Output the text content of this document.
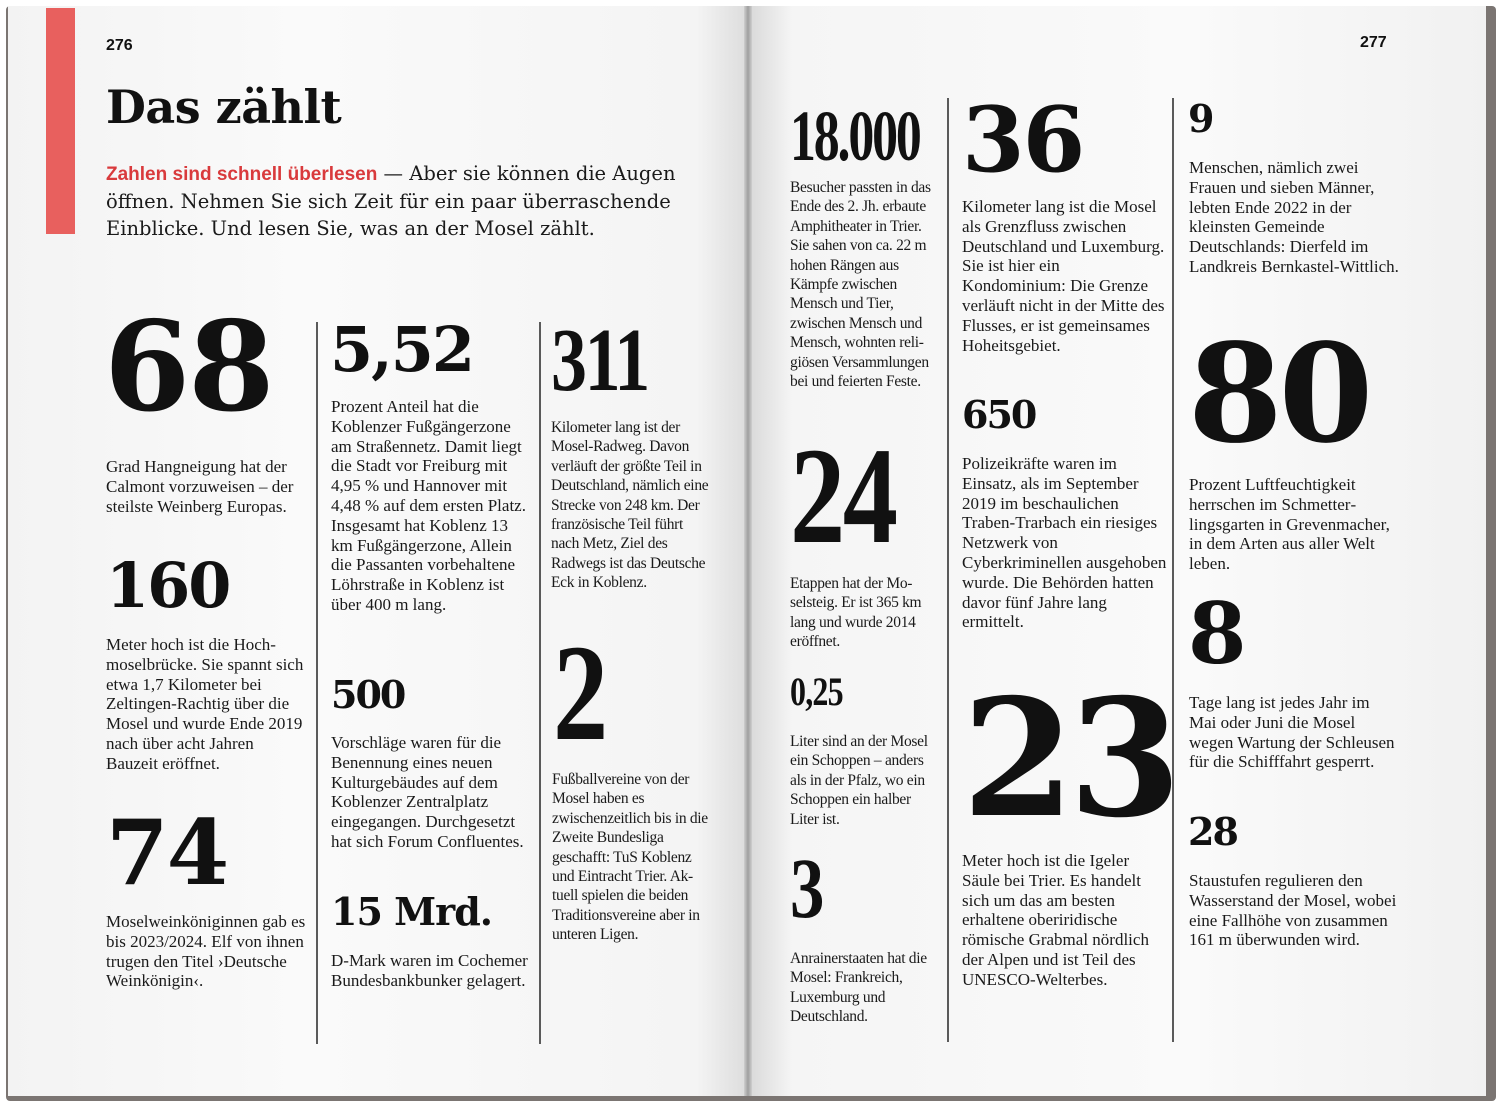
276
Das zählt

Zahlen sind schnell überlesen — Aber sie können die Augen öffnen. Nehmen Sie sich Zeit für ein paar überraschende Einblicke. Und lesen Sie, was an der Mosel zählt.

68

Grad Hangneigung hat der Calmont vorzuweisen – der steilste Weinberg Europas.

160

Meter hoch ist die Hochmoselbrücke. Sie spannt sich etwa 1,7 Kilometer bei Zeltingen-Rachtig über die Mosel und wurde Ende 2019 nach über acht Jahren Bauzeit eröffnet.

74

Moselweinköniginnen gab es bis 2023/2024. Elf von ihnen trugen den Titel ›Deutsche Weinkönigin‹.

5,52

Prozent Anteil hat die Koblenzer Fußgängerzone am Straßennetz. Damit liegt die Stadt vor Freiburg mit 4,95 % und Hannover mit 4,48 % auf dem ersten Platz. Insgesamt hat Koblenz 13 km Fußgängerzone, Allein die Passanten vorbehaltene Löhrstraße in Koblenz ist über 400 m lang.

500

Vorschläge waren für die Benennung eines neuen Kulturgebäudes auf dem Koblenzer Zentralplatz eingegangen. Durchgesetzt hat sich Forum Confluentes.

15 Mrd.

D-Mark waren im Cochemer Bundesbankbunker gelagert.

311

Kilometer lang ist der Mosel-Radweg. Davon verläuft der größte Teil in Deutschland, nämlich eine Strecke von 248 km. Der französische Teil führt nach Metz, Ziel des Radwegs ist das Deutsche Eck in Koblenz.

2

Fußballvereine von der Mosel haben es zwischenzeitlich bis in die Zweite Bundesliga geschafft: TuS Koblenz und Eintracht Trier. Aktuell spielen die beiden Traditionsvereine aber in unteren Ligen.

277
18.000

Besucher passten in das Ende des 2. Jh. erbaute Amphitheater in Trier. Sie sahen von ca. 22 m hohen Rängen aus Kämpfe zwischen Mensch und Tier, zwischen Mensch und Mensch, wohnten religiösen Versammlungen bei und feierten Feste.

24

Etappen hat der Moselsteig. Er ist 365 km lang und wurde 2014 eröffnet.

0,25

Liter sind an der Mosel ein Schoppen – anders als in der Pfalz, wo ein Schoppen ein halber Liter ist.

3

Anrainerstaaten hat die Mosel: Frankreich, Luxemburg und Deutschland.

36

Kilometer lang ist die Mosel als Grenzfluss zwischen Deutschland und Luxemburg. Sie ist hier ein Kondominium: Die Grenze verläuft nicht in der Mitte des Flusses, er ist gemeinsames Hoheitsgebiet.

650

Polizeikräfte waren im Einsatz, als im September 2019 im beschaulichen Traben-Trarbach ein riesiges Netzwerk von Cyberkriminellen ausgehoben wurde. Die Behörden hatten davor fünf Jahre lang ermittelt.

23

Meter hoch ist die Igeler Säule bei Trier. Es handelt sich um das am besten erhaltene oberiridische römische Grabmal nördlich der Alpen und ist Teil des UNESCO-Welterbes.

9

Menschen, nämlich zwei Frauen und sieben Männer, lebten Ende 2022 in der kleinsten Gemeinde Deutschlands: Dierfeld im Landkreis Bernkastel-Wittlich.

80

Prozent Luftfeuchtigkeit herrschen im Schmetterlingsgarten in Grevenmacher, in dem Arten aus aller Welt leben.

8

Tage lang ist jedes Jahr im Mai oder Juni die Mosel wegen Wartung der Schleusen für die Schifffahrt gesperrt.

28

Staustufen regulieren den Wasserstand der Mosel, wobei eine Fallhöhe von zusammen 161 m überwunden wird.
